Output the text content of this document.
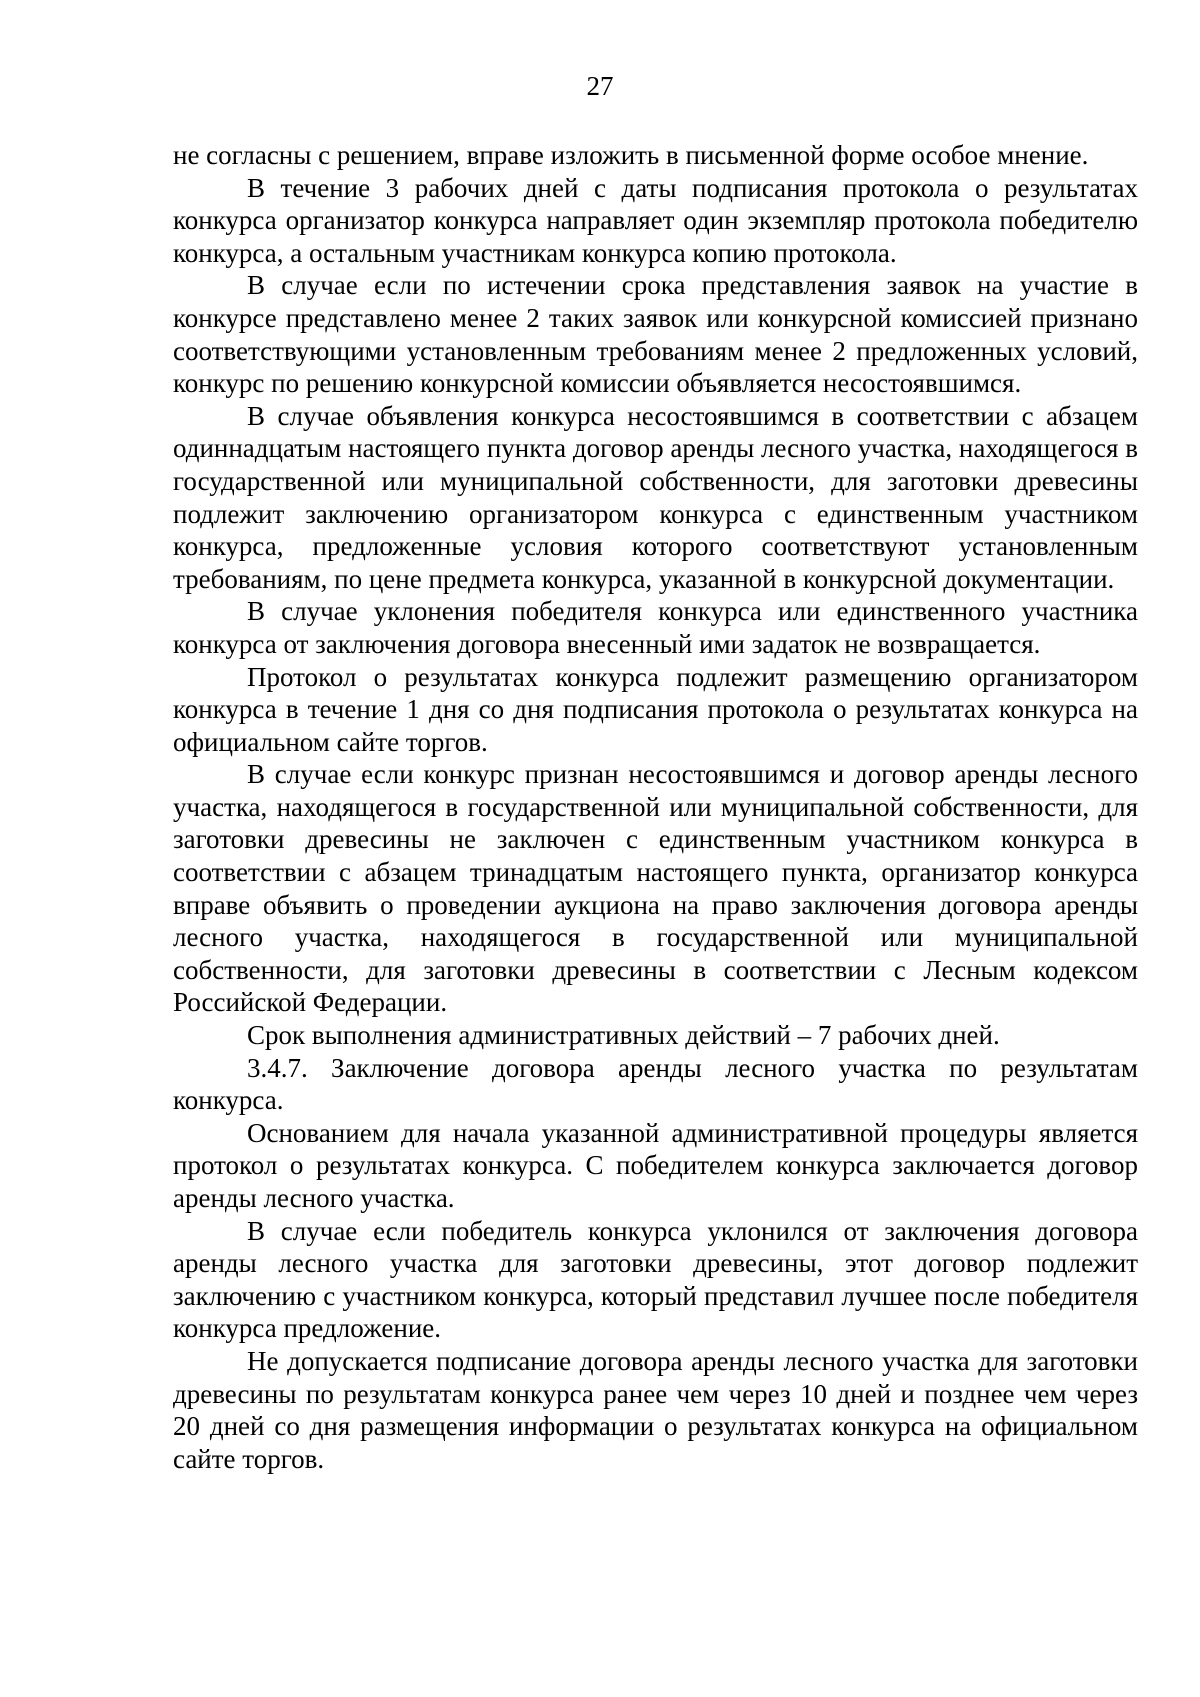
27

не согласны с решением, вправе изложить в письменной форме особое мнение.

В течение 3 рабочих дней с даты подписания протокола о результатах конкурса организатор конкурса направляет один экземпляр протокола победителю конкурса, а остальным участникам конкурса копию протокола.

В случае если по истечении срока представления заявок на участие в конкурсе представлено менее 2 таких заявок или конкурсной комиссией признано соответствующими установленным требованиям менее 2 предложенных условий, конкурс по решению конкурсной комиссии объявляется несостоявшимся.

В случае объявления конкурса несостоявшимся в соответствии с абзацем одиннадцатым настоящего пункта договор аренды лесного участка, находящегося в государственной или муниципальной собственности, для заготовки древесины подлежит заключению организатором конкурса с единственным участником конкурса, предложенные условия которого соответствуют установленным требованиям, по цене предмета конкурса, указанной в конкурсной документации.

В случае уклонения победителя конкурса или единственного участника конкурса от заключения договора внесенный ими задаток не возвращается.

Протокол о результатах конкурса подлежит размещению организатором конкурса в течение 1 дня со дня подписания протокола о результатах конкурса на официальном сайте торгов.

В случае если конкурс признан несостоявшимся и договор аренды лесного участка, находящегося в государственной или муниципальной собственности, для заготовки древесины не заключен с единственным участником конкурса в соответствии с абзацем тринадцатым настоящего пункта, организатор конкурса вправе объявить о проведении аукциона на право заключения договора аренды лесного участка, находящегося в государственной или муниципальной собственности, для заготовки древесины в соответствии с Лесным кодексом Российской Федерации.

Срок выполнения административных действий – 7 рабочих дней.

3.4.7. Заключение договора аренды лесного участка по результатам конкурса.

Основанием для начала указанной административной процедуры является протокол о результатах конкурса. С победителем конкурса заключается договор аренды лесного участка.

В случае если победитель конкурса уклонился от заключения договора аренды лесного участка для заготовки древесины, этот договор подлежит заключению с участником конкурса, который представил лучшее после победителя конкурса предложение.

Не допускается подписание договора аренды лесного участка для заготовки древесины по результатам конкурса ранее чем через 10 дней и позднее чем через 20 дней со дня размещения информации о результатах конкурса на официальном сайте торгов.
